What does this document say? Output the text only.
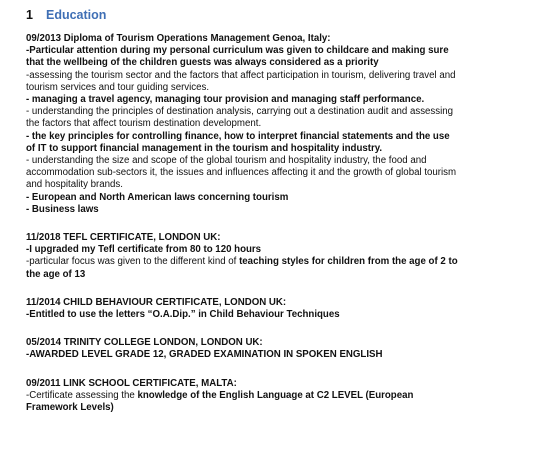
1 Education
09/2013 Diploma of Tourism Operations Management Genoa, Italy:
-Particular attention during my personal curriculum was given to childcare and making sure
that the wellbeing of the children guests was always considered as a priority
-assessing the tourism sector and the factors that affect participation in tourism, delivering travel and
tourism services and tour guiding services.
- managing a travel agency, managing tour provision and managing staff performance.
- understanding the principles of destination analysis, carrying out a destination audit and assessing
the factors that affect tourism destination development.
- the key principles for controlling finance, how to interpret financial statements and the use
of IT to support financial management in the tourism and hospitality industry.
- understanding the size and scope of the global tourism and hospitality industry, the food and
accommodation sub-sectors it, the issues and influences affecting it and the growth of global tourism
and hospitality brands.
- European and North American laws concerning tourism
- Business laws
11/2018 TEFL CERTIFICATE, LONDON UK:
-I upgraded my Tefl certificate from 80 to 120 hours
-particular focus was given to the different kind of teaching styles for children from the age of 2 to
the age of 13
11/2014 CHILD BEHAVIOUR CERTIFICATE, LONDON UK:
-Entitled to use the letters “O.A.Dip.” in Child Behaviour Techniques
05/2014 TRINITY COLLEGE LONDON, LONDON UK:
-AWARDED LEVEL GRADE 12, GRADED EXAMINATION IN SPOKEN ENGLISH
09/2011 LINK SCHOOL CERTIFICATE, MALTA:
-Certificate assessing the knowledge of the English Language at C2 LEVEL (European
Framework Levels)
